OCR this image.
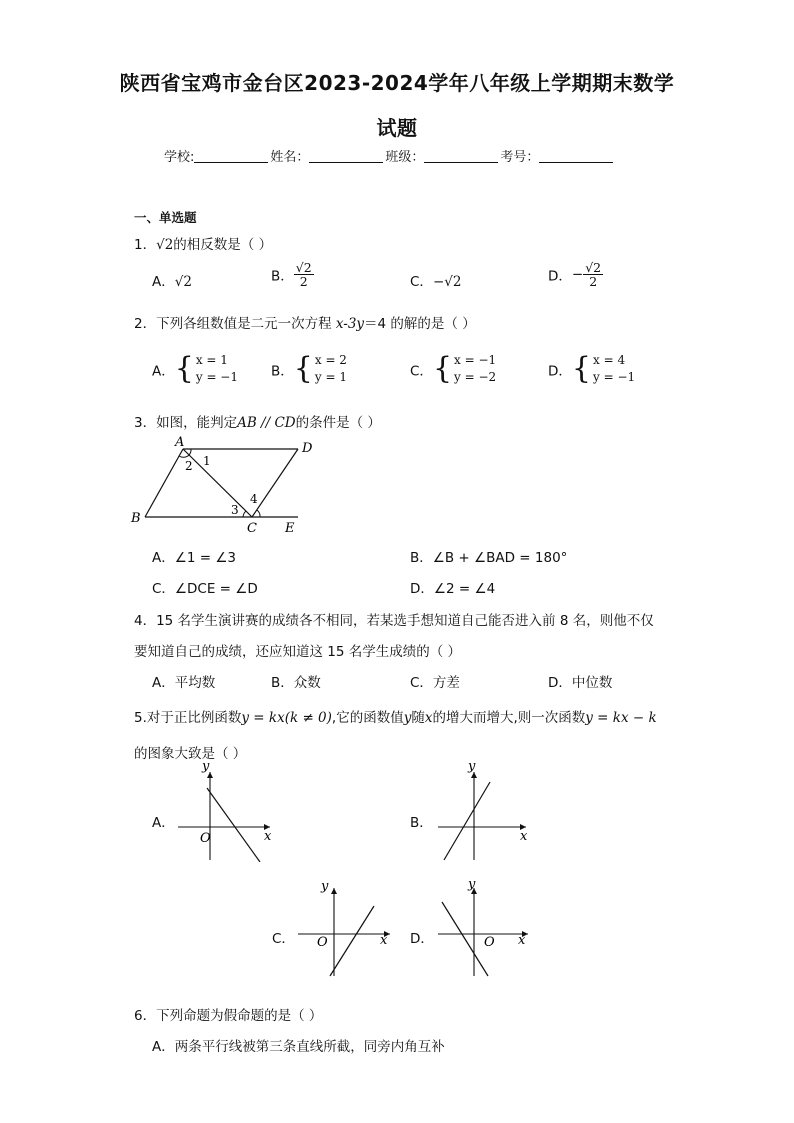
陕西省宝鸡市金台区2023-2024学年八年级上学期期末数学
试题
学校:	姓名：	班级：	考号：
一、单选题
1．√2的相反数是（ ）
A．√2	B． $\frac{√2}{2}$	C．−√2	D．− $\frac{√2}{2}$
2．下列各组数值是二元一次方程 x-3y＝4 的解的是（ ）
A． { x = 1
y = −1 B． { x = 2
y = 1	C． { x = −1
y = −2	D． { x = 4
y = −1
3．如图，能判定AB // CD的条件是（ ）
A	D
B
C E
1
2
3
4
A．∠1 = ∠3	B．∠B + ∠BAD = 180°
C．∠DCE = ∠D	D．∠2 = ∠4
4．15 名学生演讲赛的成绩各不相同，若某选手想知道自己能否进入前 8 名，则他不仅
要知道自己的成绩，还应知道这 15 名学生成绩的（ ）
A．平均数	B．众数	C．方差	D．中位数
5.对于正比例函数y = kx(k ≠ 0),它的函数值y随x的增大而增大,则一次函数y = kx − k
的图象大致是（ ）
A．
y
x
O
B．
y
x
C．
y
x
O	D．
y
x
O
6．下列命题为假命题的是（ ）
A．两条平行线被第三条直线所截，同旁内角互补
